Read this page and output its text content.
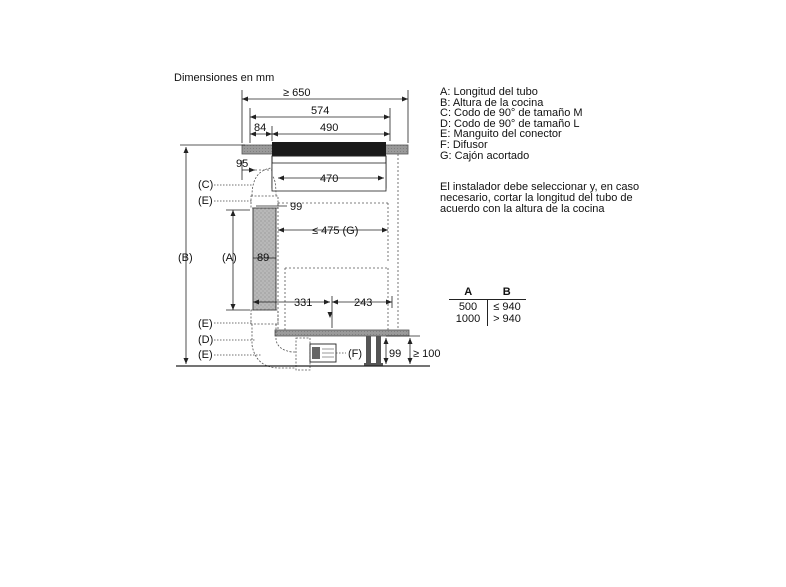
Dimensiones en mm
≥ 650
574
84	490
95
470
99
≤ 475 (G)
89
331	243
99 ≥ 100
(C)
(E)
(A)
(B)
(E)
(D)
(E)	(F)
A: Longitud del tubo
B: Altura de la cocina
C: Codo de 90° de tamaño M
D: Codo de 90° de tamaño L
E: Manguito del conector
F: Difusor
G: Cajón acortado
El instalador debe seleccionar y, en caso necesario, cortar la longitud del tubo de acuerdo con la altura de la cocina
A	B
500	≤ 940
1000	> 940
